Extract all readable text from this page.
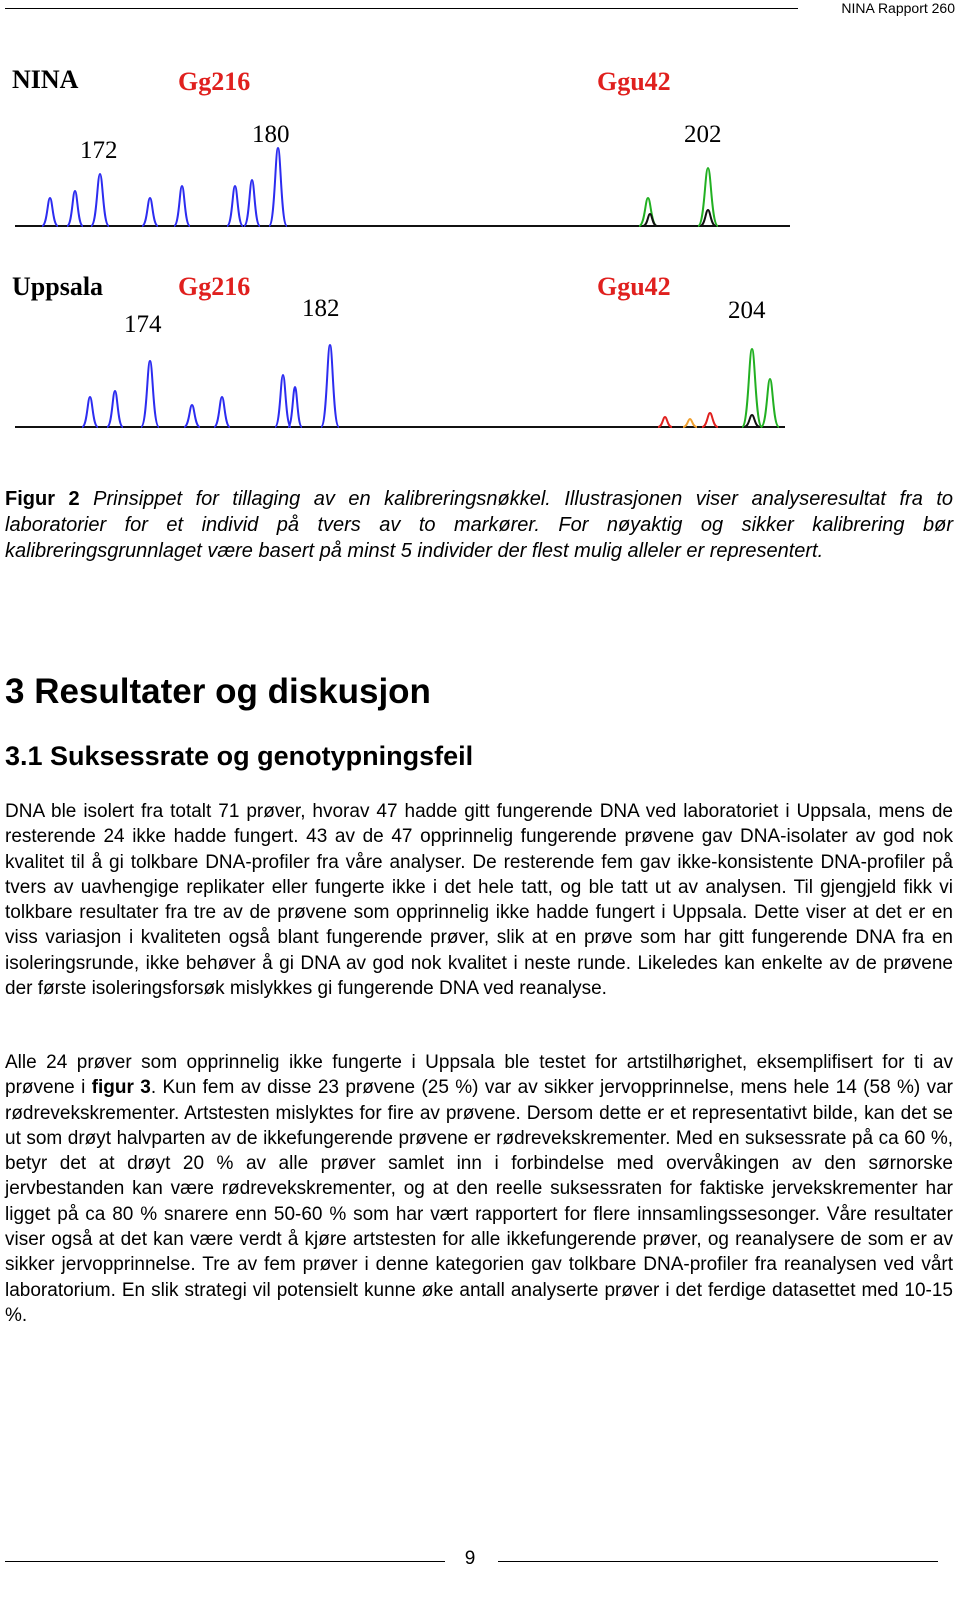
NINA Rapport 260
NINA	Gg216	Ggu42
172
180	202
Uppsala	Gg216	Ggu42
174
182	204

Figur 2 Prinsippet for tillaging av en kalibreringsnøkkel. Illustrasjonen viser analyseresultat fra to laboratorier for et individ på tvers av to markører. For nøyaktig og sikker kalibrering bør kalibreringsgrunnlaget være basert på minst 5 individer der flest mulig alleler er representert.

3 Resultater og diskusjon
3.1 Suksessrate og genotypningsfeil

DNA ble isolert fra totalt 71 prøver, hvorav 47 hadde gitt fungerende DNA ved laboratoriet i Uppsala, mens de resterende 24 ikke hadde fungert. 43 av de 47 opprinnelig fungerende prøvene gav DNA-isolater av god nok kvalitet til å gi tolkbare DNA-profiler fra våre analyser. De resterende fem gav ikke-konsistente DNA-profiler på tvers av uavhengige replikater eller fungerte ikke i det hele tatt, og ble tatt ut av analysen. Til gjengjeld fikk vi tolkbare resultater fra tre av de prøvene som opprinnelig ikke hadde fungert i Uppsala. Dette viser at det er en viss variasjon i kvaliteten også blant fungerende prøver, slik at en prøve som har gitt fungerende DNA fra en isoleringsrunde, ikke behøver å gi DNA av god nok kvalitet i neste runde. Likeledes kan enkelte av de prøvene der første isoleringsforsøk mislykkes gi fungerende DNA ved reanalyse.

Alle 24 prøver som opprinnelig ikke fungerte i Uppsala ble testet for artstilhørighet, eksemplifisert for ti av prøvene i figur 3. Kun fem av disse 23 prøvene (25 %) var av sikker jervopprinnelse, mens hele 14 (58 %) var rødrevekskrementer. Artstesten mislyktes for fire av prøvene. Dersom dette er et representativt bilde, kan det se ut som drøyt halvparten av de ikkefungerende prøvene er rødrevekskrementer. Med en suksessrate på ca 60 %, betyr det at drøyt 20 % av alle prøver samlet inn i forbindelse med overvåkingen av den sørnorske jervbestanden kan være rødrevekskrementer, og at den reelle suksessraten for faktiske jervekskrementer har ligget på ca 80 % snarere enn 50-60 % som har vært rapportert for flere innsamlingssesonger. Våre resultater viser også at det kan være verdt å kjøre artstesten for alle ikkefungerende prøver, og reanalysere de som er av sikker jervopprinnelse. Tre av fem prøver i denne kategorien gav tolkbare DNA-profiler fra reanalysen ved vårt laboratorium. En slik strategi vil potensielt kunne øke antall analyserte prøver i det ferdige datasettet med 10-15 %.

9
